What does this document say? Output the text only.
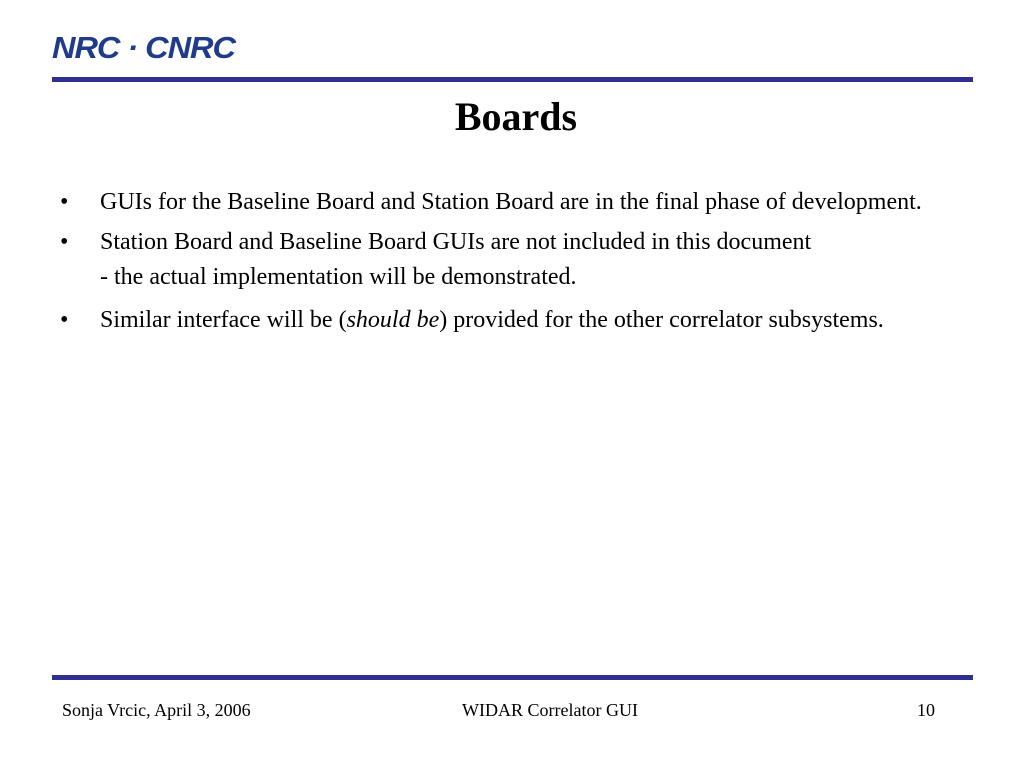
NRC · CNRC
Boards
• GUIs for the Baseline Board and Station Board are in the final phase of development.
• Station Board and Baseline Board GUIs are not included in this document
- the actual implementation will be demonstrated.
• Similar interface will be (should be) provided for the other correlator subsystems.
Sonja Vrcic, April 3, 2006	WIDAR Correlator GUI	10
